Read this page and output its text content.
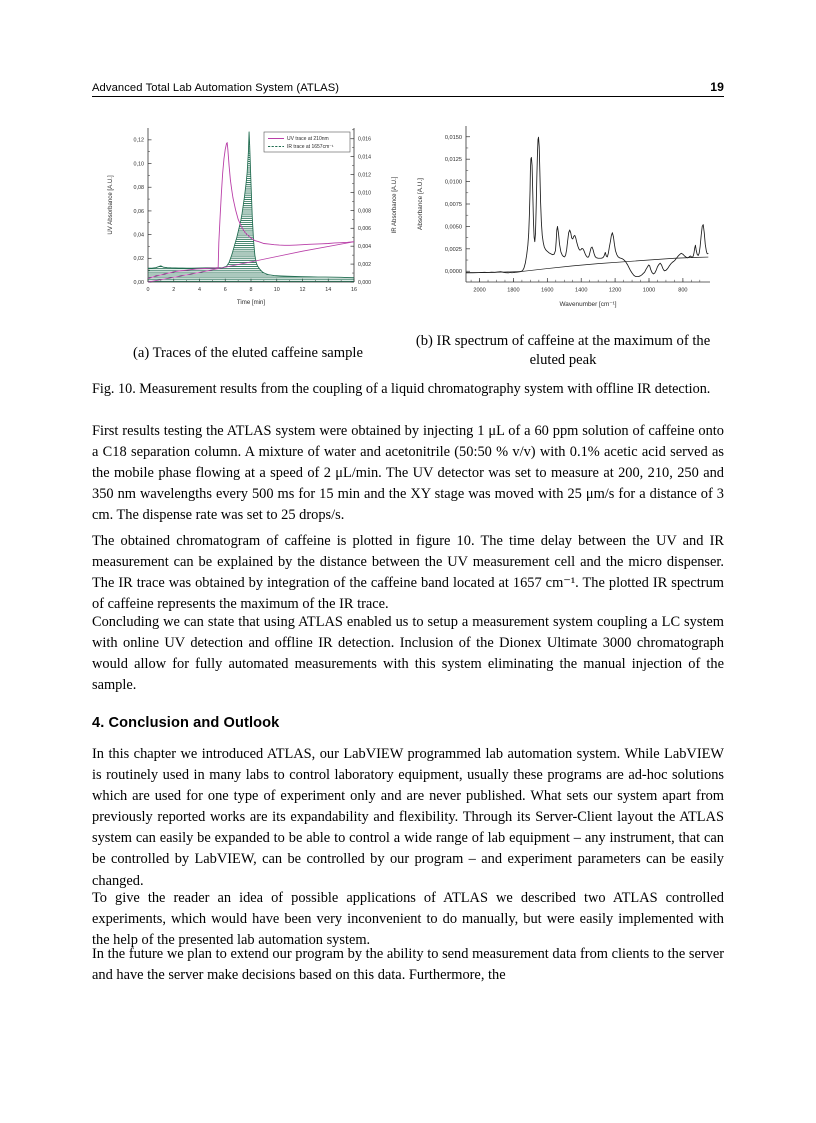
Advanced Total Lab Automation System (ATLAS)	19
0	2	4	6	8	10	12	14	16
Time [min]
0,00
0,02
0,04
0,06
0,08
0,10
0,12
UV Absorbance [A.U.]
0,000
0,002
0,004
0,006
0,008
0,010
0,012
0,014
0,016
IR Absorbance [A.U.]
UV trace at 210nm
IR trace at 1657cm⁻¹
2000	1800	1600	1400	1200	1000	800
Wavenumber [cm⁻¹]
0,0000
0,0025
0,0050
0,0075
0,0100
0,0125
0,0150
Absorbance [A.U.]
(a) Traces of the eluted caffeine sample
(b) IR spectrum of caffeine at the maximum of the eluted peak
Fig. 10. Measurement results from the coupling of a liquid chromatography system with offline IR detection.
First results testing the ATLAS system were obtained by injecting 1 μL of a 60 ppm solution of caffeine onto a C18 separation column. A mixture of water and acetonitrile (50:50 % v/v) with 0.1% acetic acid served as the mobile phase flowing at a speed of 2 μL/min. The UV detector was set to measure at 200, 210, 250 and 350 nm wavelengths every 500 ms for 15 min and the XY stage was moved with 25 μm/s for a distance of 3 cm. The dispense rate was set to 25 drops/s.
The obtained chromatogram of caffeine is plotted in figure 10. The time delay between the UV and IR measurement can be explained by the distance between the UV measurement cell and the micro dispenser. The IR trace was obtained by integration of the caffeine band located at 1657 cm⁻¹. The plotted IR spectrum of caffeine represents the maximum of the IR trace.
Concluding we can state that using ATLAS enabled us to setup a measurement system coupling a LC system with online UV detection and offline IR detection. Inclusion of the Dionex Ultimate 3000 chromatograph would allow for fully automated measurements with this system eliminating the manual injection of the sample.
4. Conclusion and Outlook
In this chapter we introduced ATLAS, our LabVIEW programmed lab automation system. While LabVIEW is routinely used in many labs to control laboratory equipment, usually these programs are ad-hoc solutions which are used for one type of experiment only and are never published. What sets our system apart from previously reported works are its expandability and flexibility. Through its Server-Client layout the ATLAS system can easily be expanded to be able to control a wide range of lab equipment – any instrument, that can be controlled by LabVIEW, can be controlled by our program – and experiment parameters can be easily changed.
To give the reader an idea of possible applications of ATLAS we described two ATLAS controlled experiments, which would have been very inconvenient to do manually, but were easily implemented with the help of the presented lab automation system.
In the future we plan to extend our program by the ability to send measurement data from clients to the server and have the server make decisions based on this data. Furthermore, the
